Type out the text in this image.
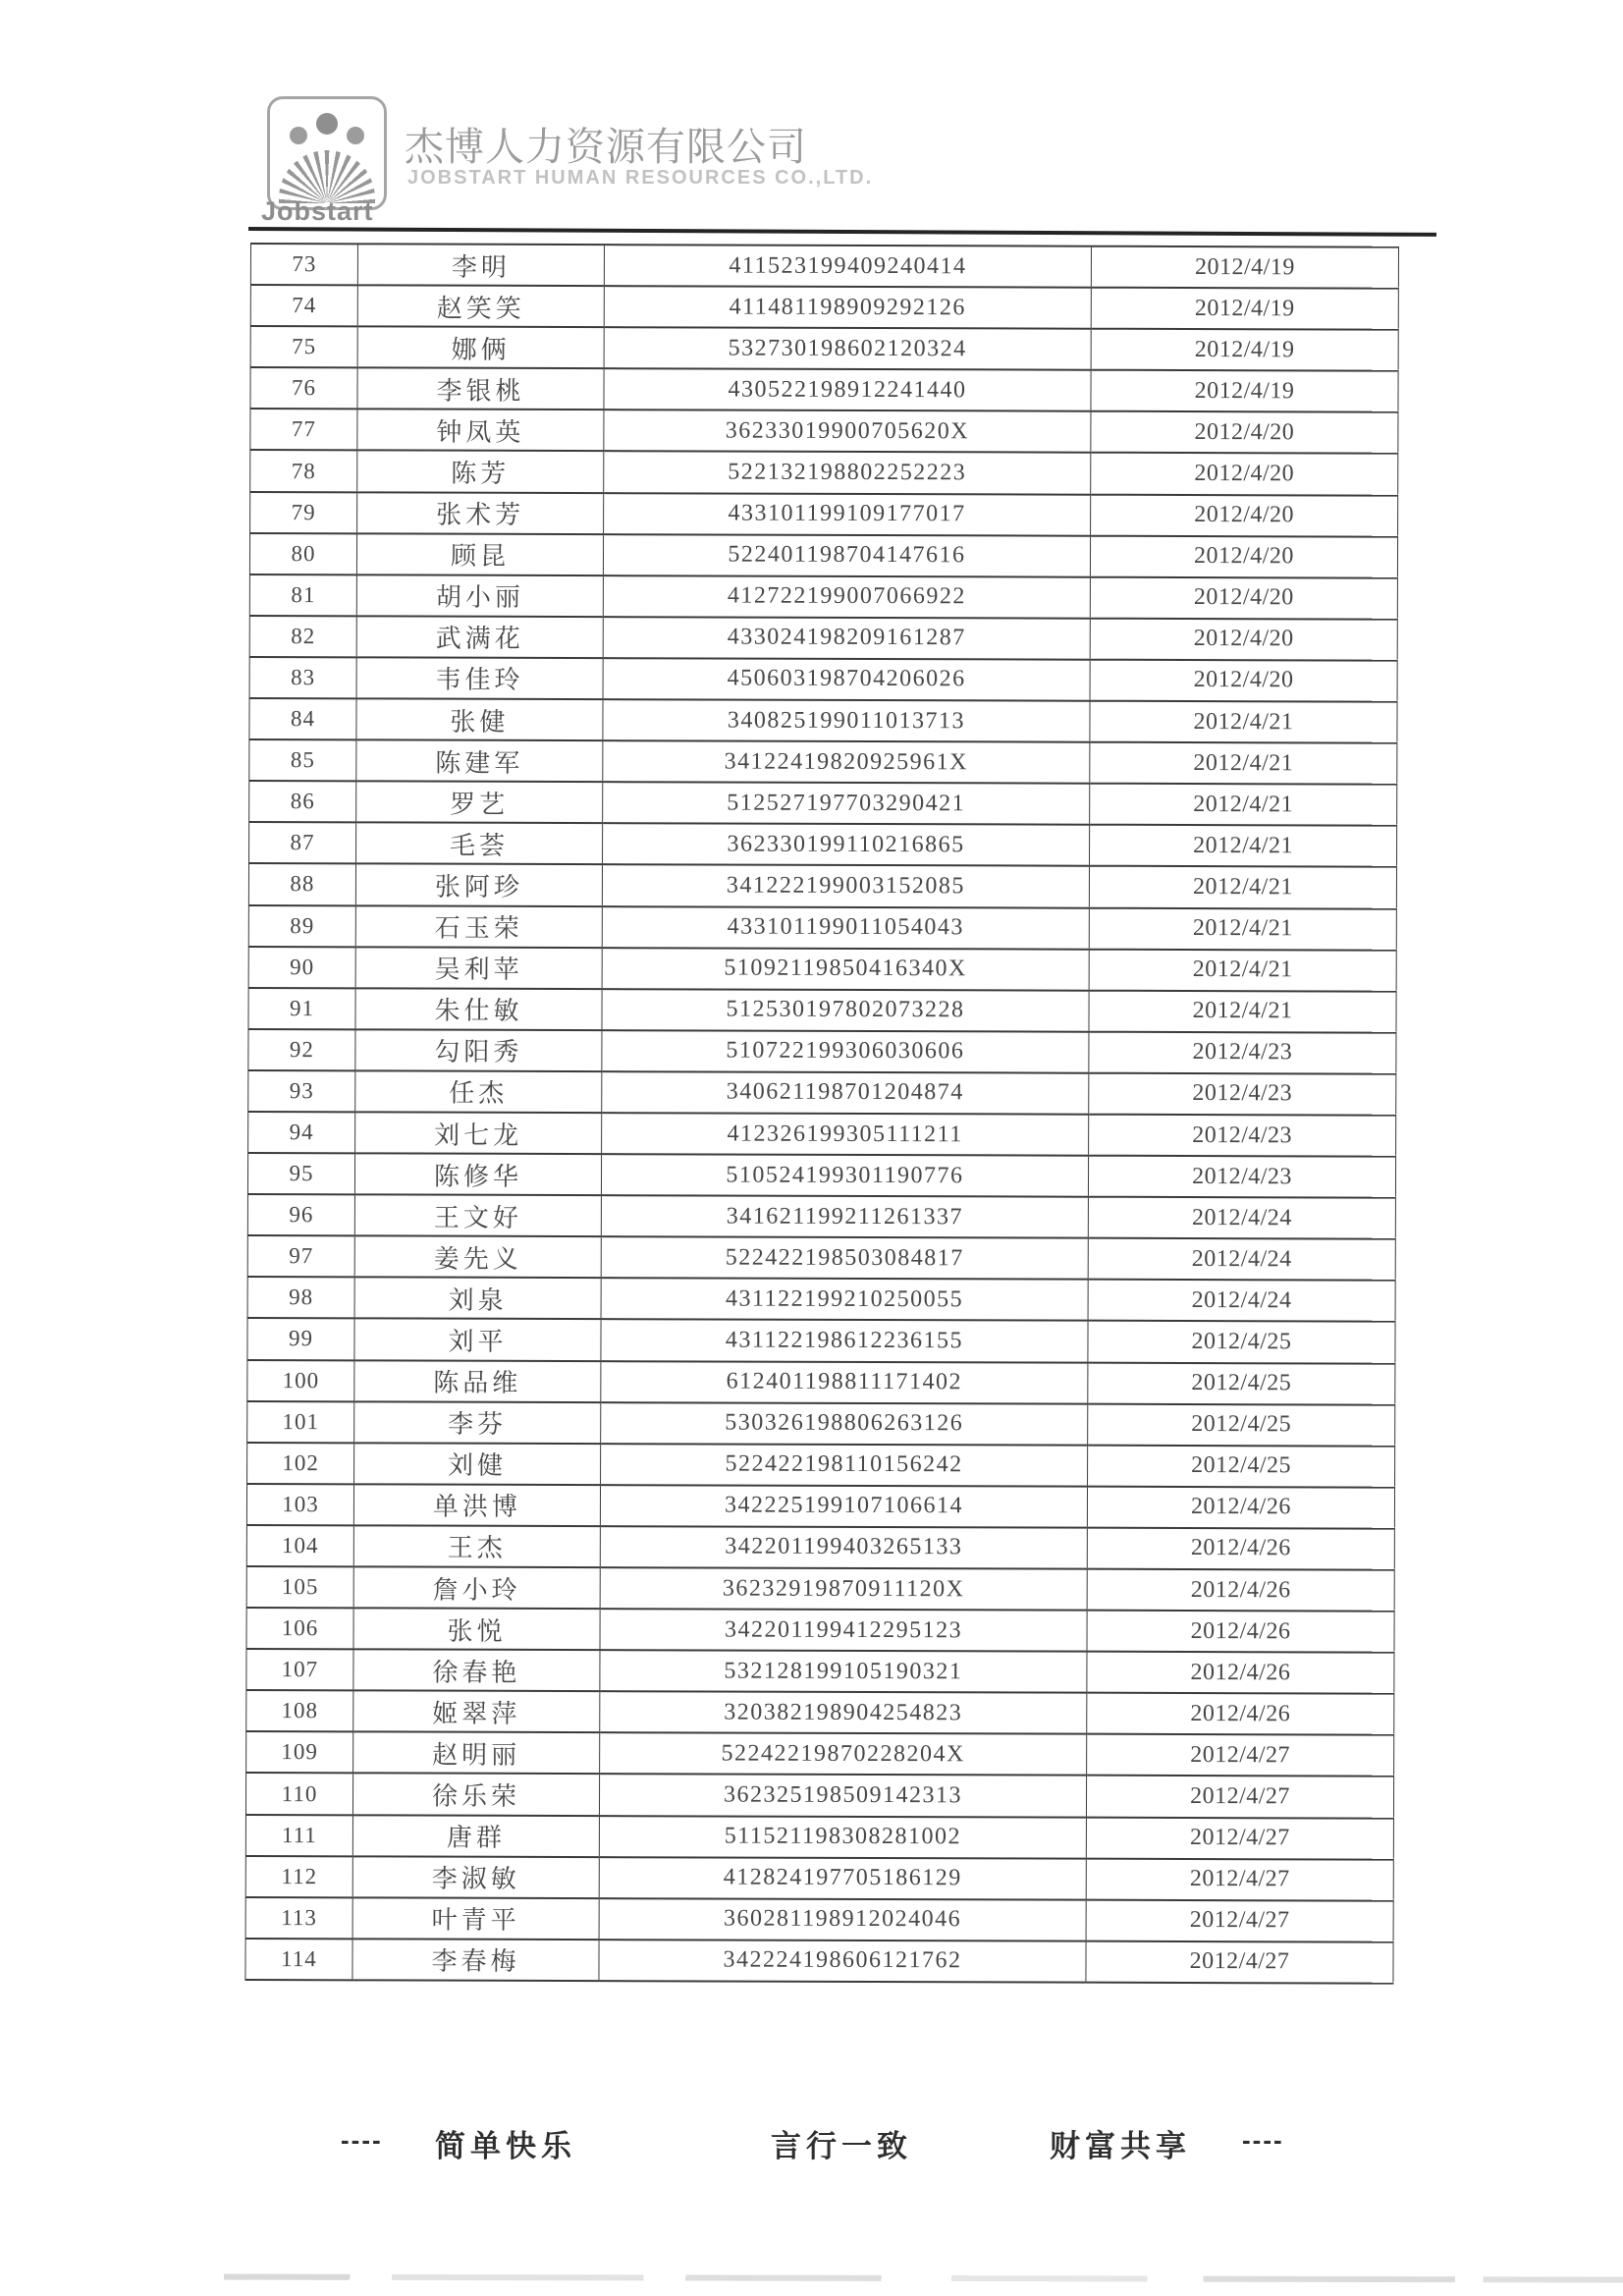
Jobstart
杰博人力资源有限公司
JOBSTART HUMAN RESOURCES CO.,LTD.
73	李明	411523199409240414	2012/4/19
74	赵笑笑	411481198909292126	2012/4/19
75	娜俩	532730198602120324	2012/4/19
76	李银桃	430522198912241440	2012/4/19
77	钟凤英	36233019900705620X	2012/4/20
78	陈芳	522132198802252223	2012/4/20
79	张术芳	433101199109177017	2012/4/20
80	顾昆	522401198704147616	2012/4/20
81	胡小丽	412722199007066922	2012/4/20
82	武满花	433024198209161287	2012/4/20
83	韦佳玲	450603198704206026	2012/4/20
84	张健	340825199011013713	2012/4/21
85	陈建军	34122419820925961X	2012/4/21
86	罗艺	512527197703290421	2012/4/21
87	毛荟	362330199110216865	2012/4/21
88	张阿珍	341222199003152085	2012/4/21
89	石玉荣	433101199011054043	2012/4/21
90	吴利苹	51092119850416340X	2012/4/21
91	朱仕敏	512530197802073228	2012/4/21
92	勾阳秀	510722199306030606	2012/4/23
93	任杰	340621198701204874	2012/4/23
94	刘七龙	412326199305111211	2012/4/23
95	陈修华	510524199301190776	2012/4/23
96	王文好	341621199211261337	2012/4/24
97	姜先义	522422198503084817	2012/4/24
98	刘泉	431122199210250055	2012/4/24
99	刘平	431122198612236155	2012/4/25
100	陈品维	612401198811171402	2012/4/25
101	李芬	530326198806263126	2012/4/25
102	刘健	522422198110156242	2012/4/25
103	单洪博	342225199107106614	2012/4/26
104	王杰	342201199403265133	2012/4/26
105	詹小玲	36232919870911120X	2012/4/26
106	张悦	342201199412295123	2012/4/26
107	徐春艳	532128199105190321	2012/4/26
108	姬翠萍	320382198904254823	2012/4/26
109	赵明丽	52242219870228204X	2012/4/27
110	徐乐荣	362325198509142313	2012/4/27
111	唐群	511521198308281002	2012/4/27
112	李淑敏	412824197705186129	2012/4/27
113	叶青平	360281198912024046	2012/4/27
114	李春梅	342224198606121762	2012/4/27
---- 简单快乐	言行一致	财富共享 ----
